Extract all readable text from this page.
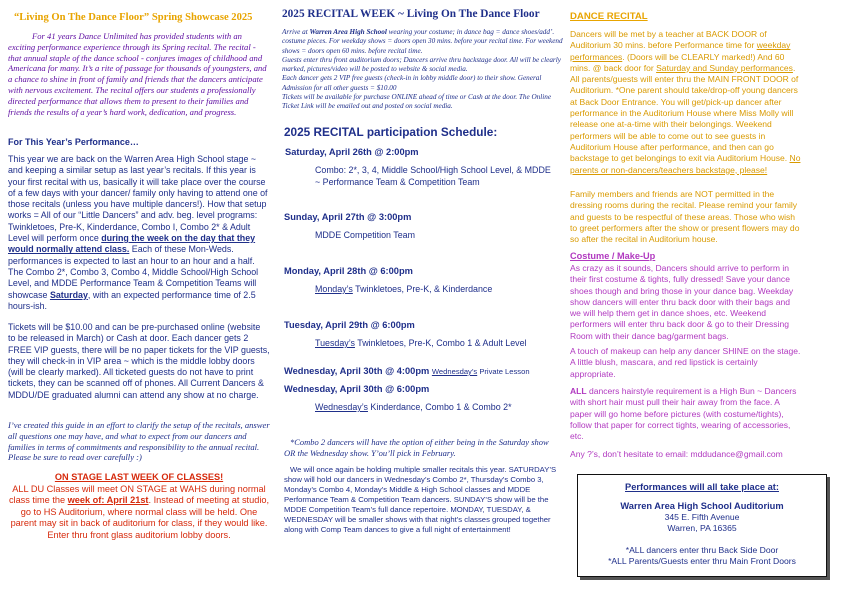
“Living On The Dance Floor” Spring Showcase 2025
For 41 years Dance Unlimited has provided students with an exciting performance experience through its Spring recital. The recital - that annual staple of the dance school - conjures images of childhood and Americana for many. It’s a rite of passage for thousands of youngsters, and a chance to shine in front of family and friends that the dancers anticipate with nervous excitement. The recital offers our students a professionally directed performance that allows them to present to their families and friends the results of a year’s hard work, dedication, and progress.
For This Year’s Performance…
This year we are back on the Warren Area High School stage ~ and keeping a similar setup as last year’s recitals. If this year is your first recital with us, basically it will take place over the course of a few days with your dancer/ family only having to attend one of those recitals (unless you have multiple dancers!). How that setup works = All of our “Little Dancers” and adv. beg. level programs: Twinkletoes, Pre-K, Kinderdance, Combo I, Combo 2* & Adult Level will perform once during the week on the day that they would normally attend class. Each of these Mon-Weds. performances is expected to last an hour to an hour and a half. The Combo 2*, Combo 3, Combo 4, Middle School/High School Level, and MDDE Performance Team & Competition Teams will showcase Saturday, with an expected performance time of 2.5 hours-ish.
Tickets will be $10.00 and can be pre-purchased online (website to be released in March) or Cash at door. Each dancer gets 2 FREE VIP guests, there will be no paper tickets for the VIP guests, they will check-in in VIP area ~ which is the middle lobby doors (will be clearly marked). All ticketed guests do not have to print tickets, they can be scanned off of phones. All Current Dancers & MDDU/DE graduated alumni can attend any show at no charge.
I’ve created this guide in an effort to clarify the setup of the recitals, answer all questions one may have, and what to expect from our dancers and families in terms of commitments and responsibility to the annual recital. Please be sure to read over carefully :)
ON STAGE LAST WEEK OF CLASSES!
ALL DU Classes will meet ON STAGE at WAHS during normal class time the week of: April 21st. Instead of meeting at studio, go to HS Auditorium, where normal class will be held. One parent may sit in back of auditorium for class, if they would like. Enter thru front glass auditorium lobby doors.
2025 RECITAL WEEK ~ Living On The Dance Floor

Arrive at Warren Area High School wearing your costume; in dance bag = dance shoes/add’. costume pieces. For weekday shows = doors open 30 mins. before your recital time. For weekend shows = doors open 60 mins. before recital time.

Guests enter thru front auditorium doors; Dancers arrive thru backstage door. All will be clearly marked, pictures/video will be posted to website & social media.

Each dancer gets 2 VIP free guests (check-in in lobby middle door) to their show. General Admission for all other guests = $10.00

Tickets will be available for purchase ONLINE ahead of time or Cash at the door. The Online Ticket Link will be emailed out and posted on social media.

2025 RECITAL participation Schedule:
Saturday, April 26th @ 2:00pm
Combo: 2*, 3, 4, Middle School/High School Level, & MDDE ~ Performance Team & Competition Team
Sunday, April 27th @ 3:00pm
MDDE Competition Team
Monday, April 28th @ 6:00pm
Monday’s Twinkletoes, Pre-K, & Kinderdance
Tuesday, April 29th @ 6:00pm
Tuesday’s Twinkletoes, Pre-K, Combo 1 & Adult Level
Wednesday, April 30th @ 4:00pm Wednesday’s Private Lesson
Wednesday, April 30th @ 6:00pm
Wednesday’s Kinderdance, Combo 1 & Combo 2*
*Combo 2 dancers will have the option of either being in the Saturday show OR the Wednesday show. Y’ou’ll pick in February.
We will once again be holding multiple smaller recitals this year. SATURDAY’S show will hold our dancers in Wednesday’s Combo 2*, Thursday’s Combo 3, Monday’s Combo 4, Monday’s Middle & High School classes and MDDE Performance Team & Competition Team dancers. SUNDAY’S show will be the MDDE Competition Team’s full dance repertoire. MONDAY, TUESDAY, & WEDNESDAY will be smaller shows with that night’s classes grouped together along with Comp Team dances to give a full night of entertainment!
DANCE RECITAL
Dancers will be met by a teacher at BACK DOOR of Auditorium 30 mins. before Performance time for weekday performances. (Doors will be CLEARLY marked!) And 60 mins. @ back door for Saturday and Sunday performances. All parents/guests will enter thru the MAIN FRONT DOOR of Auditorium. *One parent should take/drop-off young dancers at Back Door Entrance. You will get/pick-up dancer after performance in the Auditorium House where Miss Molly will release one at-a-time with their belongings. Weekend performers will be able to come out to see guests in Auditorium House after performance, and then can go backstage to get belongings to exit via Auditorium House. No parents or non-dancers/teachers backstage, please!
Family members and friends are NOT permitted in the dressing rooms during the recital. Please remind your family and guests to be respectful of these areas. Those who wish to greet performers after the show or present flowers may do so after the recital in Auditorium house.
Costume / Make-Up
As crazy as it sounds, Dancers should arrive to perform in their first costume & tights, fully dressed! Save your dance shoes though and bring those in your dance bag. Weekday show dancers will enter thru back door with their bags and we will help them get in dance shoes, etc. Weekend performers will enter thru back door & go to their Dressing Room with their dance bag/garment bags.
A touch of makeup can help any dancer SHINE on the stage. A little blush, mascara, and red lipstick is certainly appropriate.
ALL dancers hairstyle requirement is a High Bun ~ Dancers with short hair must pull their hair away from the face. A paper will go home before pictures (with costume/tights), follow that paper for correct tights, wearing of accessories, etc.
Any ?’s, don’t hesitate to email: mddudance@gmail.com
Performances will all take place at:
Warren Area High School Auditorium
345 E. Fifth Avenue
Warren, PA 16365
*ALL dancers enter thru Back Side Door
*ALL Parents/Guests enter thru Main Front Doors
